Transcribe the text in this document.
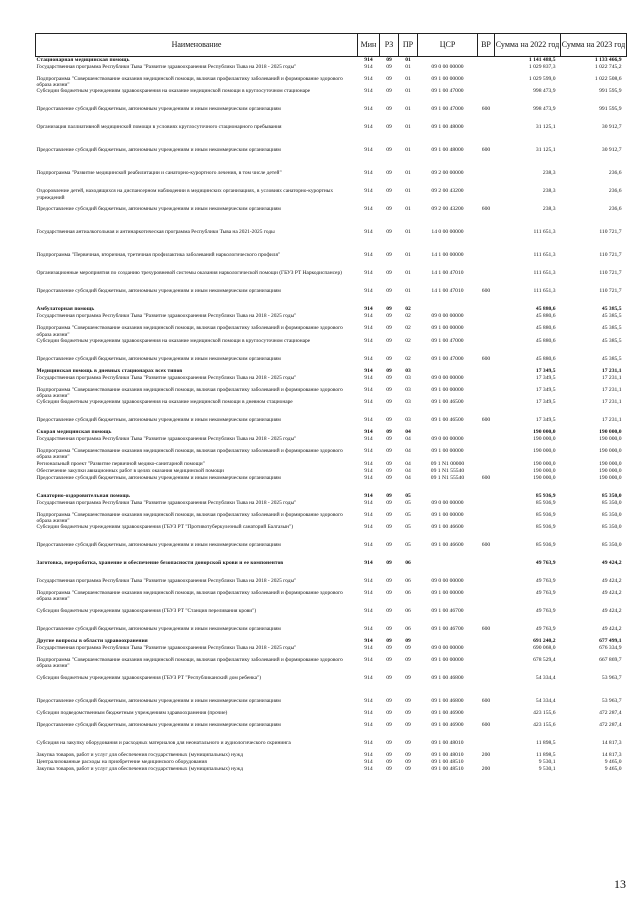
Наименование	Мин	РЗ	ПР	ЦСР	ВР	Сумма на 2022 год	Сумма на 2023 год
Стационарная медицинская помощь	914	09	01			1 141 488,5	1 133 466,9
Государственная программа Республики Тыва "Развитие здравоохранения Республики Тыва на 2018 - 2025 годы"	914	09	01	09 0 00 00000		1 029 837,3	1 022 745,2
Подпрограмма "Совершенствование оказания медицинской помощи, включая профилактику заболеваний и формирование здорового образа жизни"	914	09	01	09 1 00 00000		1 029 599,0	1 022 508,6
Субсидии бюджетным учреждениям здравоохранения на оказание медицинской помощи в круглосуточном стационаре	914	09	01	09 1 00 47000		998 473,9	991 595,9
Предоставление субсидий бюджетным, автономным учреждениям и иным некоммерческим организациям	914	09	01	09 1 00 47000	600	998 473,9	991 595,9
Организация паллиативной медицинской помощи в условиях круглосуточного стационарного пребывания	914	09	01	09 1 00 48000		31 125,1	30 912,7
Предоставление субсидий бюджетным, автономным учреждениям и иным некоммерческим организациям	914	09	01	09 1 00 48000	600	31 125,1	30 912,7
Подпрограмма "Развитие медицинской реабилитации и санаторно-курортного лечения, в том числе детей"	914	09	01	09 2 00 00000		238,3	236,6
Оздоровление детей, находящихся на диспансерном наблюдении в медицинских организациях, в условиях санаторно-курортных учреждений	914	09	01	09 2 00 43200		238,3	236,6
Предоставление субсидий бюджетным, автономным учреждениям и иным некоммерческим организациям	914	09	01	09 2 00 43200	600	238,3	236,6
Государственная антиалкогольная и антинаркотическая программа Республики Тыва на 2021-2025 годы	914	09	01	14 0 00 00000		111 651,3	110 721,7
Подпрограмма "Первичная, вторичная, третичная профилактика заболеваний наркологического профиля"	914	09	01	14 1 00 00000		111 651,3	110 721,7
Организационные мероприятия по созданию трехуровневой системы оказания наркологической помощи (ГБУЗ РТ Наркодиспансер)	914	09	01	14 1 00 47010		111 651,3	110 721,7
Предоставление субсидий бюджетным, автономным учреждениям и иным некоммерческим организациям	914	09	01	14 1 00 47010	600	111 651,3	110 721,7
Амбулаторная помощь	914	09	02			45 880,6	45 385,5
Государственная программа Республики Тыва "Развитие здравоохранения Республики Тыва на 2018 - 2025 годы"	914	09	02	09 0 00 00000		45 880,6	45 385,5
Подпрограмма "Совершенствование оказания медицинской помощи, включая профилактику заболеваний и формирование здорового образа жизни"	914	09	02	09 1 00 00000		45 880,6	45 385,5
Субсидии бюджетным учреждениям здравоохранения на оказание медицинской помощи в круглосуточном стационаре	914	09	02	09 1 00 47000		45 880,6	45 385,5
Предоставление субсидий бюджетным, автономным учреждениям и иным некоммерческим организациям	914	09	02	09 1 00 47000	600	45 880,6	45 385,5
Медицинская помощь в дневных стационарах всех типов	914	09	03			17 349,5	17 231,1
Государственная программа Республики Тыва "Развитие здравоохранения Республики Тыва на 2018 - 2025 годы"	914	09	03	09 0 00 00000		17 349,5	17 231,1
Подпрограмма "Совершенствование оказания медицинской помощи, включая профилактику заболеваний и формирование здорового образа жизни"	914	09	03	09 1 00 00000		17 349,5	17 231,1
Субсидии бюджетным учреждениям здравоохранения на оказание медицинской помощи в дневном стационаре	914	09	03	09 1 00 46500		17 349,5	17 231,1
Предоставление субсидий бюджетным, автономным учреждениям и иным некоммерческим организациям	914	09	03	09 1 00 46500	600	17 349,5	17 231,1
Скорая медицинская помощь	914	09	04			190 000,0	190 000,0
Государственная программа Республики Тыва "Развитие здравоохранения Республики Тыва на 2018 - 2025 годы"	914	09	04	09 0 00 00000		190 000,0	190 000,0
Подпрограмма "Совершенствование оказания медицинской помощи, включая профилактику заболеваний и формирование здорового образа жизни"	914	09	04	09 1 00 00000		190 000,0	190 000,0
Региональный проект "Развитие первичной медико-санитарной помощи"	914	09	04	09 1 N1 00000		190 000,0	190 000,0
Обеспечение закупки авиационных работ в целях оказания медицинской помощи	914	09	04	09 1 N1 55540		190 000,0	190 000,0
Предоставление субсидий бюджетным, автономным учреждениям и иным некоммерческим организациям	914	09	04	09 1 N1 55540	600	190 000,0	190 000,0
Санаторно-оздоровительная помощь	914	09	05			85 936,9	85 350,0
Государственная программа Республики Тыва "Развитие здравоохранения Республики Тыва на 2018 - 2025 годы"	914	09	05	09 0 00 00000		85 936,9	85 350,0
Подпрограмма "Совершенствование оказания медицинской помощи, включая профилактику заболеваний и формирование здорового образа жизни"	914	09	05	09 1 00 00000		85 936,9	85 350,0
Субсидии бюджетным учреждениям здравоохранения (ГБУЗ РТ "Противотуберкулезный санаторий Балгазын")	914	09	05	09 1 00 46600		85 936,9	85 350,0
Предоставление субсидий бюджетным, автономным учреждениям и иным некоммерческим организациям	914	09	05	09 1 00 46600	600	85 936,9	85 350,0
Заготовка, переработка, хранение и обеспечение безопасности донорской крови и ее компонентов	914	09	06			49 763,9	49 424,2
Государственная программа Республики Тыва "Развитие здравоохранения Республики Тыва на 2018 - 2025 годы"	914	09	06	09 0 00 00000		49 763,9	49 424,2
Подпрограмма "Совершенствование оказания медицинской помощи, включая профилактику заболеваний и формирование здорового образа жизни"	914	09	06	09 1 00 00000		49 763,9	49 424,2
Субсидии бюджетным учреждениям здравоохранения (ГБУЗ РТ "Станция переливания крови")	914	09	06	09 1 00 46700		49 763,9	49 424,2
Предоставление субсидий бюджетным, автономным учреждениям и иным некоммерческим организациям	914	09	06	09 1 00 46700	600	49 763,9	49 424,2
Другие вопросы в области здравоохранения	914	09	09			691 240,2	677 499,1
Государственная программа Республики Тыва "Развитие здравоохранения Республики Тыва на 2018 - 2025 годы"	914	09	09	09 0 00 00000		690 068,0	676 334,9
Подпрограмма "Совершенствование оказания медицинской помощи, включая профилактику заболеваний и формирование здорового образа жизни"	914	09	09	09 1 00 00000		678 529,4	667 869,7
Субсидии бюджетным учреждениям здравоохранения (ГБУЗ РТ "Республиканский дом ребенка")	914	09	09	09 1 00 46800		54 334,4	53 963,7
Предоставление субсидий бюджетным, автономным учреждениям и иным некоммерческим организациям	914	09	09	09 1 00 46800	600	54 334,4	53 963,7
Субсидии подведомственным бюджетным учреждениям здравоохранения (прочие)	914	09	09	09 1 00 46900		423 155,6	472 287,4
Предоставление субсидий бюджетным, автономным учреждениям и иным некоммерческим организациям	914	09	09	09 1 00 46900	600	423 155,6	472 287,4
Субсидия на закупку оборудования и расходных материалов для неонатального и аудиологического скрининга	914	09	09	09 1 00 48010		11 898,5	14 817,3
Закупка товаров, работ и услуг для обеспечения государственных (муниципальных) нужд	914	09	09	09 1 00 48010	200	11 898,5	14 817,3
Централизованные расходы на приобретение медицинского оборудования	914	09	09	09 1 00 48510		9 530,1	9 465,0
Закупка товаров, работ и услуг для обеспечения государственных (муниципальных) нужд	914	09	09	09 1 00 48510	200	9 530,1	9 465,0
13
